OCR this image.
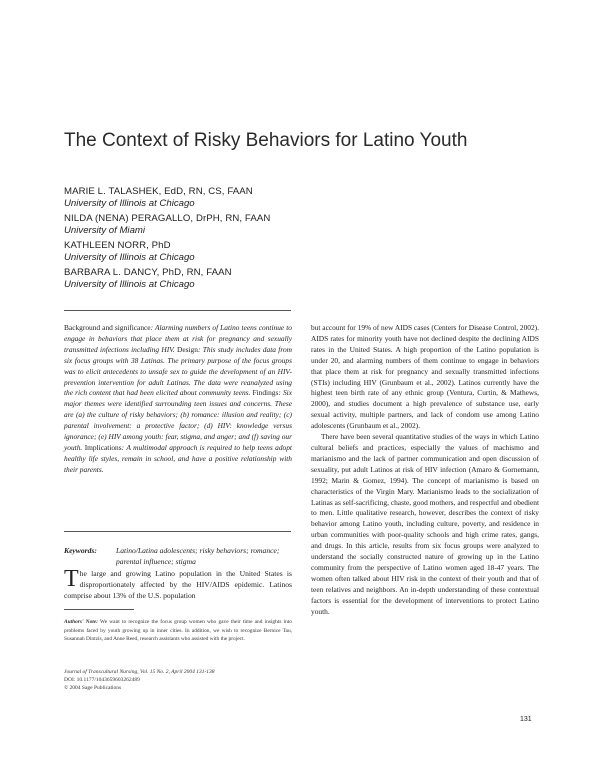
The Context of Risky Behaviors for Latino Youth
MARIE L. TALASHEK, EdD, RN, CS, FAAN
University of Illinois at Chicago
NILDA (NENA) PERAGALLO, DrPH, RN, FAAN
University of Miami
KATHLEEN NORR, PhD
University of Illinois at Chicago
BARBARA L. DANCY, PhD, RN, FAAN
University of Illinois at Chicago

Background and significance: Alarming numbers of Latino teens continue to engage in behaviors that place them at risk for pregnancy and sexually transmitted infections including HIV. Design: This study includes data from six focus groups with 38 Latinas. The primary purpose of the focus groups was to elicit antecedents to unsafe sex to guide the development of an HIV-prevention intervention for adult Latinas. The data were reanalyzed using the rich content that had been elicited about community teens. Findings: Six major themes were identified surrounding teen issues and concerns. These are (a) the culture of risky behaviors; (b) romance: illusion and reality; (c) parental involvement: a protective factor; (d) HIV: knowledge versus ignorance; (e) HIV among youth: fear, stigma, and anger; and (f) saving our youth. Implications: A multimodal approach is required to help teens adopt healthy life styles, remain in school, and have a positive relationship with their parents.

Keywords:	Latino/Latina adolescents; risky behaviors; romance; parental influence; stigma
The large and growing Latino population in the United States is disproportionately affected by the HIV/AIDS epidemic. Latinos comprise about 13% of the U.S. population
Authors' Note: We want to recognize the focus group women who gave their time and insights into problems faced by youth growing up in inner cities. In addition, we wish to recognize Bernice Tau, Susannah Dintzis, and Anne Reed, research assistants who assisted with the project.
Journal of Transcultural Nursing, Vol. 15 No. 2, April 2004 131-138
DOI: 10.1177/1043659603262489
© 2004 Sage Publications

but account for 19% of new AIDS cases (Centers for Disease Control, 2002). AIDS rates for minority youth have not declined despite the declining AIDS rates in the United States. A high proportion of the Latino population is under 20, and alarming numbers of them continue to engage in behaviors that place them at risk for pregnancy and sexually transmitted infections (STIs) including HIV (Grunbaum et al., 2002). Latinos currently have the highest teen birth rate of any ethnic group (Ventura, Curtin, & Mathews, 2000), and studies document a high prevalence of substance use, early sexual activity, multiple partners, and lack of condom use among Latino adolescents (Grunbaum et al., 2002).

There have been several quantitative studies of the ways in which Latino cultural beliefs and practices, especially the values of machismo and marianismo and the lack of partner communication and open discussion of sexuality, put adult Latinos at risk of HIV infection (Amaro & Gornemann, 1992; Marin & Gomez, 1994). The concept of marianismo is based on characteristics of the Virgin Mary. Marianismo leads to the socialization of Latinas as self-sacrificing, chaste, good mothers, and respectful and obedient to men. Little qualitative research, however, describes the context of risky behavior among Latino youth, including culture, poverty, and residence in urban communities with poor-quality schools and high crime rates, gangs, and drugs. In this article, results from six focus groups were analyzed to understand the socially constructed nature of growing up in the Latino community from the perspective of Latino women aged 18-47 years. The women often talked about HIV risk in the context of their youth and that of teen relatives and neighbors. An in-depth understanding of these contextual factors is essential for the development of interventions to protect Latino youth.

131
